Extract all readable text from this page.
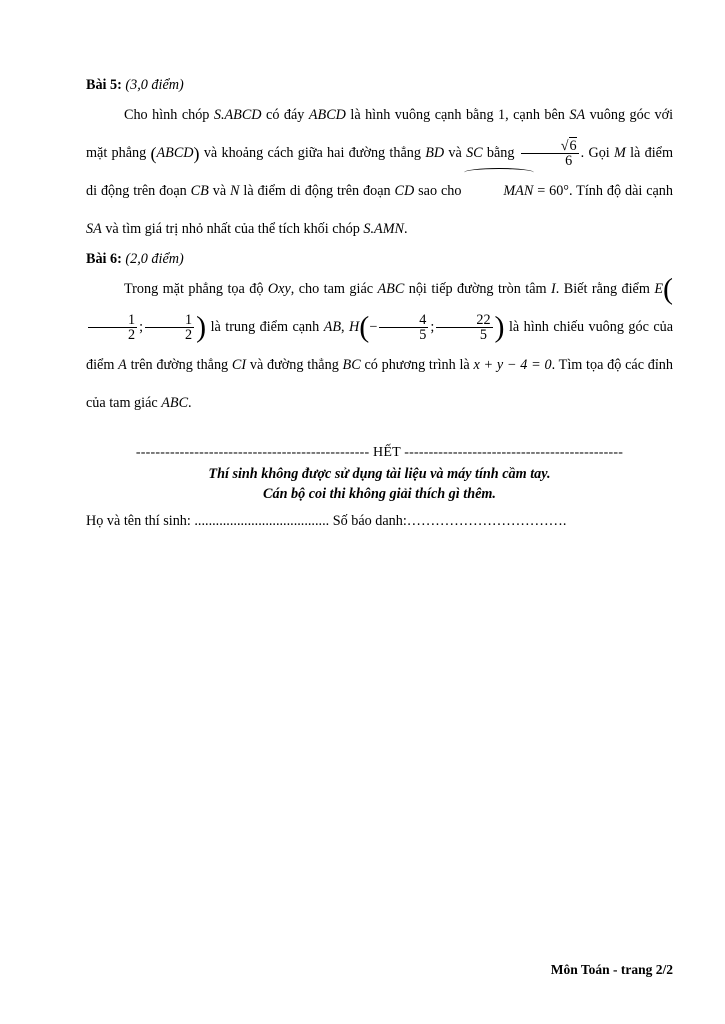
Bài 5: (3,0 điểm)

Cho hình chóp S.ABCD có đáy ABCD là hình vuông cạnh bằng 1, cạnh bên SA vuông góc với mặt phẳng (ABCD) và khoảng cách giữa hai đường thẳng BD và SC bằng $\frac{√6}{6}$ . Gọi M là điểm di động trên đoạn CB và N là điểm di động trên đoạn CD sao cho	MAN = 60°. Tính độ dài cạnh SA và tìm giá trị nhỏ nhất của thể tích khối chóp S.AMN.

Bài 6: (2,0 điểm)

Trong mặt phẳng tọa độ Oxy, cho tam giác ABC nội tiếp đường tròn tâm I. Biết rằng điểm E(
$\frac{1}{2}$ ; $\frac{1}{2}$ ) là trung điểm cạnh AB, $H(- \frac{4}{5}$ ; $\frac{22}{5}$ ) là hình chiếu vuông góc của điểm A trên đường thẳng CI và đường thẳng BC có phương trình là x + y − 4 = 0. Tìm tọa độ các đỉnh của tam giác ABC.

------------------------------------------------ HẾT ---------------------------------------------

Thí sinh không được sử dụng tài liệu và máy tính cầm tay.

Cán bộ coi thi không giải thích gì thêm.

Họ và tên thí sinh: ...................................... Số báo danh:…………………………….
Môn Toán - trang 2/2
